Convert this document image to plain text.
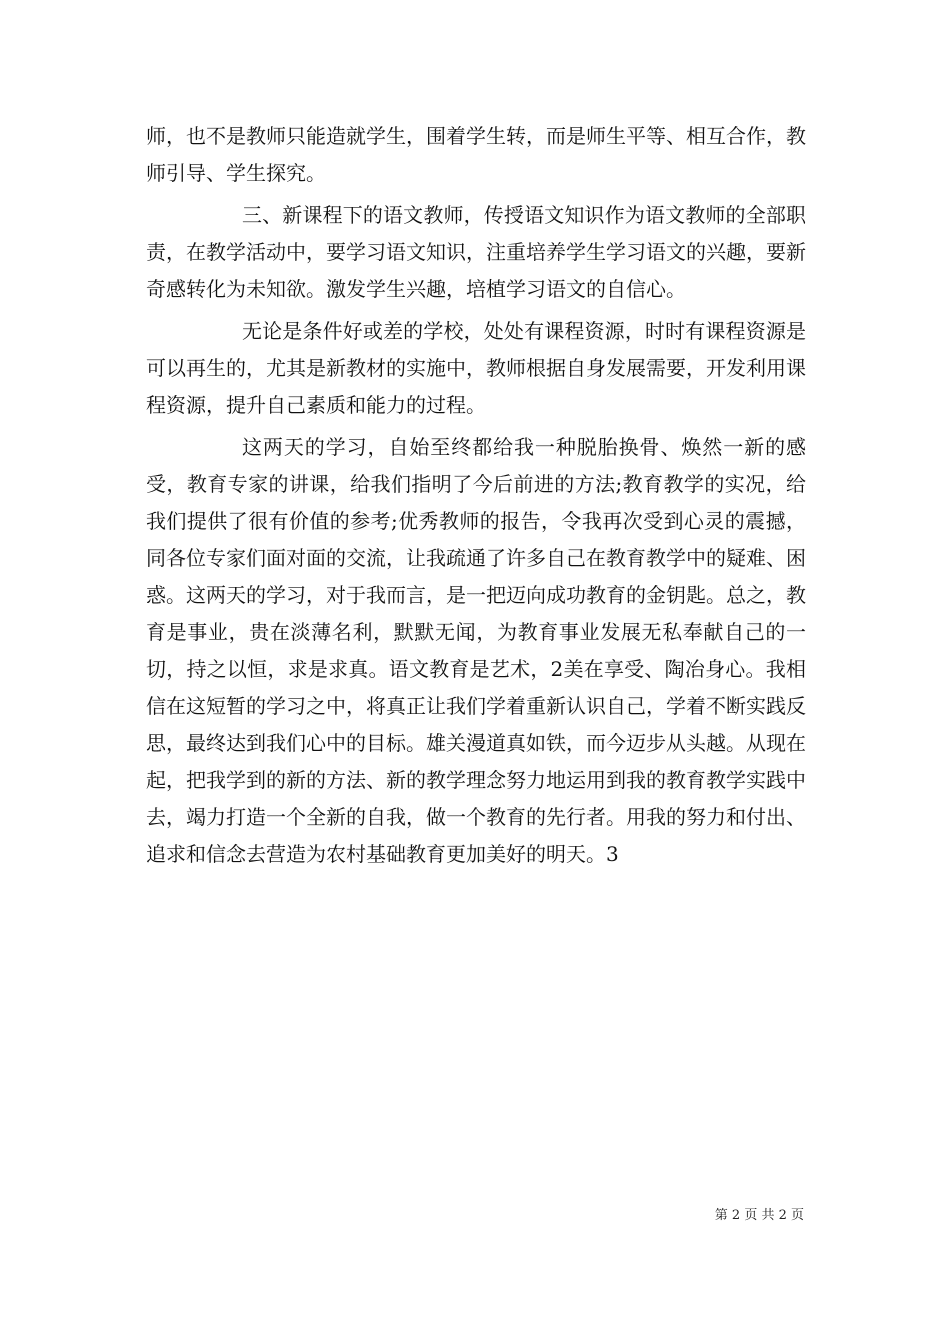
师，也不是教师只能造就学生，围着学生转，而是师生平等、相互合作，教师引导、学生探究。

三、新课程下的语文教师，传授语文知识作为语文教师的全部职责，在教学活动中，要学习语文知识，注重培养学生学习语文的兴趣，要新奇感转化为未知欲。激发学生兴趣，培植学习语文的自信心。

无论是条件好或差的学校，处处有课程资源，时时有课程资源是可以再生的，尤其是新教材的实施中，教师根据自身发展需要，开发利用课程资源，提升自己素质和能力的过程。

这两天的学习，自始至终都给我一种脱胎换骨、焕然一新的感受，教育专家的讲课，给我们指明了今后前进的方法;教育教学的实况，给我们提供了很有价值的参考;优秀教师的报告，令我再次受到心灵的震撼，同各位专家们面对面的交流，让我疏通了许多自己在教育教学中的疑难、困惑。这两天的学习，对于我而言，是一把迈向成功教育的金钥匙。总之，教育是事业，贵在淡薄名利，默默无闻，为教育事业发展无私奉献自己的一切，持之以恒，求是求真。语文教育是艺术，2美在享受、陶冶身心。我相信在这短暂的学习之中，将真正让我们学着重新认识自己，学着不断实践反思，最终达到我们心中的目标。雄关漫道真如铁，而今迈步从头越。从现在起，把我学到的新的方法、新的教学理念努力地运用到我的教育教学实践中去，竭力打造一个全新的自我，做一个教育的先行者。用我的努力和付出、追求和信念去营造为农村基础教育更加美好的明天。3

第 2 页 共 2 页
